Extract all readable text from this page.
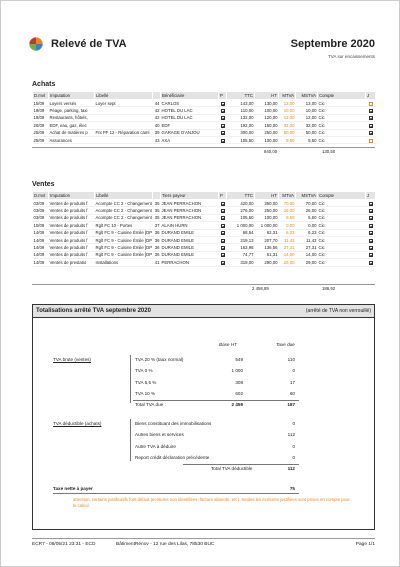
Relevé de TVA	Septembre 2020
TVA sur encaissements
Achats
D.mvt	Imputation	Libellé		Bénéficiaire	P	TTC	HT	MTVA	MSTVA	Compte	J
15/09	Loyers versés	Loyer sept	44	CARLOS		143,00	130,00	13,00	13,00	Cic	
19/09	Péage, parking, taxi		42	HOTEL DU LAC		110,00	100,00	10,00	10,00	Cic	
19/09	Restaurants, hôtels,		42	HOTEL DU LAC		132,00	120,00	12,00	12,00	Cic	
20/09	EDF, eau, gaz, élec		40	EDF		192,00	160,00	32,00	32,00	Cic	
25/09	Achat de matières p	Fnt PF 12 - Réparation caml	39	GARAGE D'ANJOU		300,00	250,00	50,00	50,00	Cic	
25/09	Assurances		43	AXA		105,50	100,00	5,50	5,50	Cic	
840,00	130,50
Ventes
D.mvt	Imputation	Libellé		Tiers payeur	P	TTC	HT	MTVA	MSTVA	Compte	J
03/09	Ventes de produits f	Acompte CC 2 - Changement	35	JEAN PERRACHON		420,00	350,00	70,00	70,00	Cic	
03/09	Ventes de produits f	Acompte CC 2 - Changement	35	JEAN PERRACHON		276,00	250,00	26,00	26,00	Cic	
03/09	Ventes de produits f	Acompte CC 2 - Changement	35	JEAN PERRACHON		105,50	100,00	5,50	5,50	Cic	
10/09	Ventes de produits f	Rglt FC 10 - Portes	37	ALAIN HURN		1 000,00	1 000,00	0,00	0,00	Cic	
14/09	Ventes de produits f	Rglt FC 9 - Cuisine Émile [DP	36	DURAND EMILE		68,54	62,31	6,23	6,23	Cic	
14/09	Ventes de produits f	Rglt FC 9 - Cuisine Émile [DP	36	DURAND EMILE		219,13	207,70	11,42	11,42	Cic	
14/09	Ventes de produits f	Rglt FC 9 - Cuisine Émile [DP	36	DURAND EMILE		163,98	136,56	27,31	27,31	Cic	
14/09	Ventes de produits f	Rglt FC 9 - Cuisine Émile [DP	36	DURAND EMILE		74,77	61,31	14,00	14,00	Cic	
14/09	Ventes de prestatio	Installations	41	PERRACHON		319,00	290,00	29,00	29,00	Cic	
2 458,89	186,92
Totalisations arrêté TVA septembre 2020	(arrêté de TVA non verrouillé)
Base HT	Taxe due
TVA brute (ventes)	TVA 20 % (taux normal)	549	110
TVA 0 %	1 000	0
TVA 5,5 %	308	17
TVA 10 %	602	60
Total TVA due :	2 459	187
TVA déductible (achats)	Biens constituant des immobilisations	0
Autres biens et services	112
Autre TVA à déduire	0
Report crédit déclaration précédente	0
Total TVA déductible	112
Taxe nette à payer	75
attention, certains justificatifs font défaut (écritures non identifiées, facture absente, etc). Seules les écritures justifiées sont prises en compte pour le calcul.
ECR7 - 08/05/21 23:31 - ECD	BâtimentRénov - 12 rue des Lilas, 78530 BUC	Page 1/1
